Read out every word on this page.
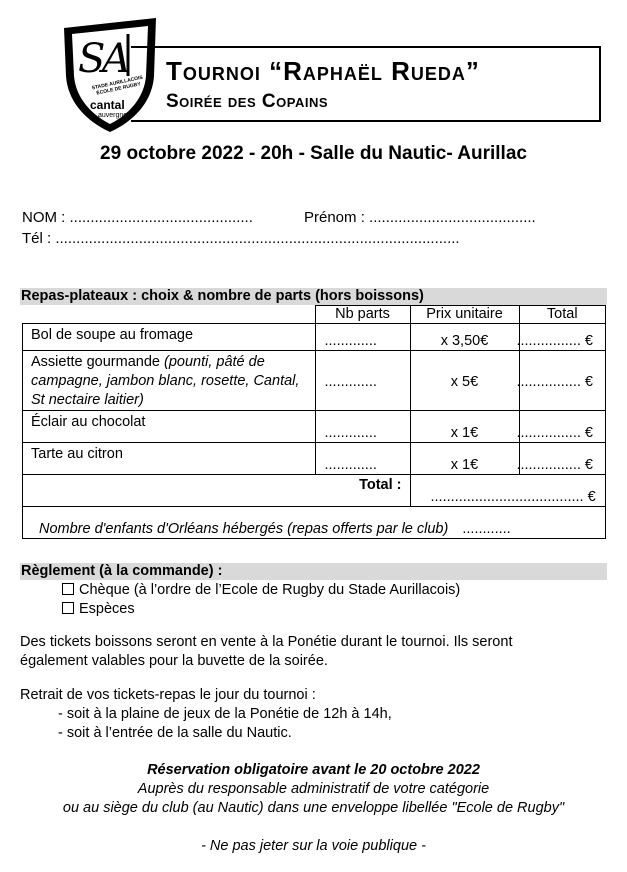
S
A
STADE AURILLACOIS ÉCOLE DE RUGBY
cantal
auvergne
Tournoi “Raphaël Rueda”
Soirée des Copains
29 octobre 2022 - 20h - Salle du Nautic- Aurillac
NOM : ............................................	Prénom : ........................................
Tél : .................................................................................................
Repas-plateaux : choix & nombre de parts (hors boissons)
	Nb parts	Prix unitaire	Total
Bol de soupe au fromage	.............	x 3,50€	................ €

Assiette gourmande (pounti, pâté de campagne, jambon blanc, rosette, Cantal, St nectaire laitier)	.............	x 5€	................ €

Éclair au chocolat	.............	x 1€	................ €

Tarte au citron	.............	x 1€	................ €

Total :		...................................... €	

Nombre d'enfants d'Orléans hébergés (repas offerts par le club) ............			
Règlement (à la commande) :
Chèque (à l’ordre de l’Ecole de Rugby du Stade Aurillacois)
Espèces
Des tickets boissons seront en vente à la Ponétie durant le tournoi. Ils seront
également valables pour la buvette de la soirée.
Retrait de vos tickets-repas le jour du tournoi :
- soit à la plaine de jeux de la Ponétie de 12h à 14h,
- soit à l’entrée de la salle du Nautic.
Réservation obligatoire avant le 20 octobre 2022
Auprès du responsable administratif de votre catégorie
ou au siège du club (au Nautic) dans une enveloppe libellée "Ecole de Rugby"
- Ne pas jeter sur la voie publique -
